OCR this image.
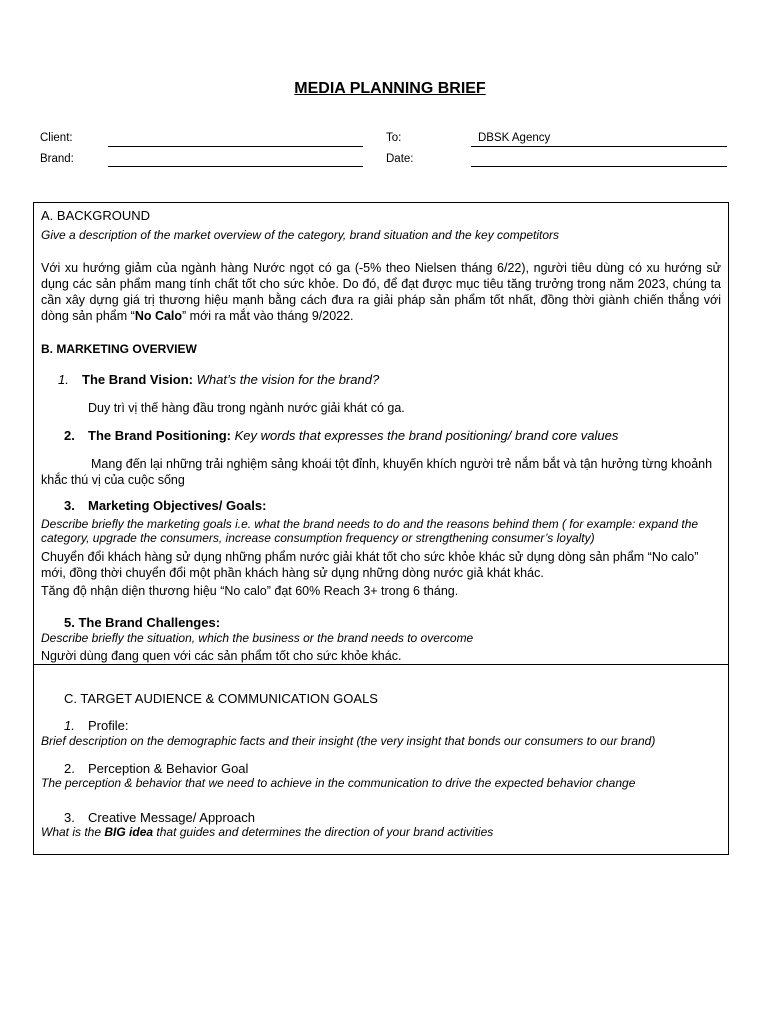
MEDIA PLANNING BRIEF
Client:
Brand:
To:	DBSK Agency
Date:
A. BACKGROUND
Give a description of the market overview of the category, brand situation and the key competitors
Với xu hướng giảm của ngành hàng Nước ngọt có ga (-5% theo Nielsen tháng 6/22), người tiêu dùng có xu hướng sử dụng các sản phẩm mang tính chất tốt cho sức khỏe. Do đó, để đạt được mục tiêu tăng trưởng trong năm 2023, chúng ta cần xây dựng giá trị thương hiệu mạnh bằng cách đưa ra giải pháp sản phẩm tốt nhất, đồng thời giành chiến thắng với dòng sản phẩm “No Calo” mới ra mắt vào tháng 9/2022.
B. MARKETING OVERVIEW
1. The Brand Vision: What’s the vision for the brand?
Duy trì vị thế hàng đầu trong ngành nước giải khát có ga.
2. The Brand Positioning: Key words that expresses the brand positioning/ brand core values
Mang đến lại những trải nghiệm sảng khoái tột đỉnh, khuyến khích người trẻ nắm bắt và tận hưởng từng khoảnh khắc thú vị của cuộc sống
3. Marketing Objectives/ Goals:
Describe briefly the marketing goals i.e. what the brand needs to do and the reasons behind them ( for example: expand the category, upgrade the consumers, increase consumption frequency or strengthening consumer’s loyalty)
Chuyển đổi khách hàng sử dụng những phẩm nước giải khát tốt cho sức khỏe khác sử dụng dòng sản phẩm “No calo” mới, đồng thời chuyển đổi một phần khách hàng sử dụng những dòng nước giả khát khác.
Tăng độ nhận diện thương hiệu “No calo” đạt 60% Reach 3+ trong 6 tháng.
5. The Brand Challenges:
Describe briefly the situation, which the business or the brand needs to overcome
Người dùng đang quen với các sản phẩm tốt cho sức khỏe khác.
C. TARGET AUDIENCE & COMMUNICATION GOALS
1. Profile:
Brief description on the demographic facts and their insight (the very insight that bonds our consumers to our brand)
2. Perception & Behavior Goal
The perception & behavior that we need to achieve in the communication to drive the expected behavior change
3. Creative Message/ Approach
What is the BIG idea that guides and determines the direction of your brand activities
